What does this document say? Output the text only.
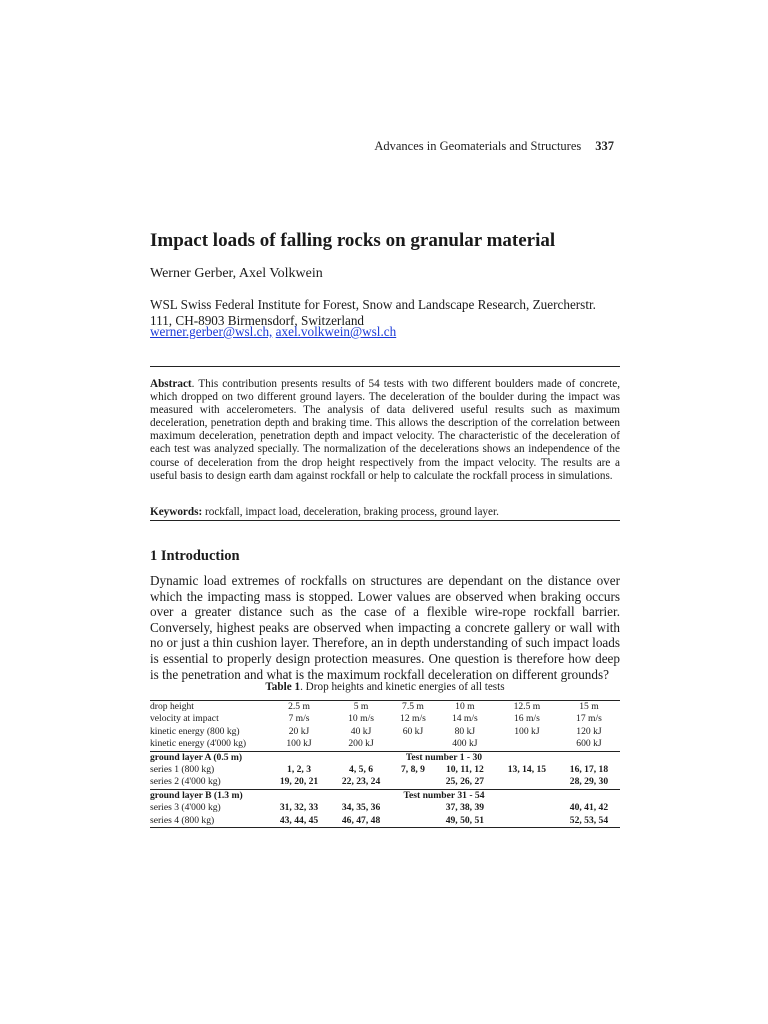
Advances in Geomaterials and Structures 337
Impact loads of falling rocks on granular material
Werner Gerber, Axel Volkwein
WSL Swiss Federal Institute for Forest, Snow and Landscape Research, Zuercherstr. 111, CH-8903 Birmensdorf, Switzerland
werner.gerber@wsl.ch, axel.volkwein@wsl.ch
Abstract. This contribution presents results of 54 tests with two different boulders made of concrete, which dropped on two different ground layers. The deceleration of the boulder during the impact was measured with accelerometers. The analysis of data delivered useful results such as maximum deceleration, penetration depth and braking time. This allows the description of the correlation between maximum deceleration, penetration depth and impact velocity. The characteristic of the deceleration of each test was analyzed specially. The normalization of the decelerations shows an independence of the course of deceleration from the drop height respectively from the impact velocity. The results are a useful basis to design earth dam against rockfall or help to calculate the rockfall process in simulations.
Keywords: rockfall, impact load, deceleration, braking process, ground layer.
1 Introduction
Dynamic load extremes of rockfalls on structures are dependant on the distance over which the impacting mass is stopped. Lower values are observed when braking occurs over a greater distance such as the case of a flexible wire-rope rockfall barrier. Conversely, highest peaks are observed when impacting a concrete gallery or wall with no or just a thin cushion layer. Therefore, an in depth understanding of such impact loads is essential to properly design protection measures. One question is therefore how deep is the penetration and what is the maximum rockfall deceleration on different grounds?
Table 1. Drop heights and kinetic energies of all tests
drop height	2.5 m	5 m	7.5 m	10 m	12.5 m	15 m
velocity at impact	7 m/s	10 m/s	12 m/s	14 m/s	16 m/s	17 m/s
kinetic energy (800 kg)	20 kJ	40 kJ	60 kJ	80 kJ	100 kJ	120 kJ
kinetic energy (4'000 kg)	100 kJ	200 kJ		400 kJ		600 kJ
ground layer A (0.5 m)	Test number 1 - 30					
series 1 (800 kg)	1, 2, 3	4, 5, 6	7, 8, 9	10, 11, 12	13, 14, 15	16, 17, 18
series 2 (4'000 kg)	19, 20, 21	22, 23, 24		25, 26, 27		28, 29, 30
ground layer B (1.3 m)	Test number 31 - 54					
series 3 (4'000 kg)	31, 32, 33	34, 35, 36		37, 38, 39		40, 41, 42
series 4 (800 kg)	43, 44, 45	46, 47, 48		49, 50, 51		52, 53, 54
